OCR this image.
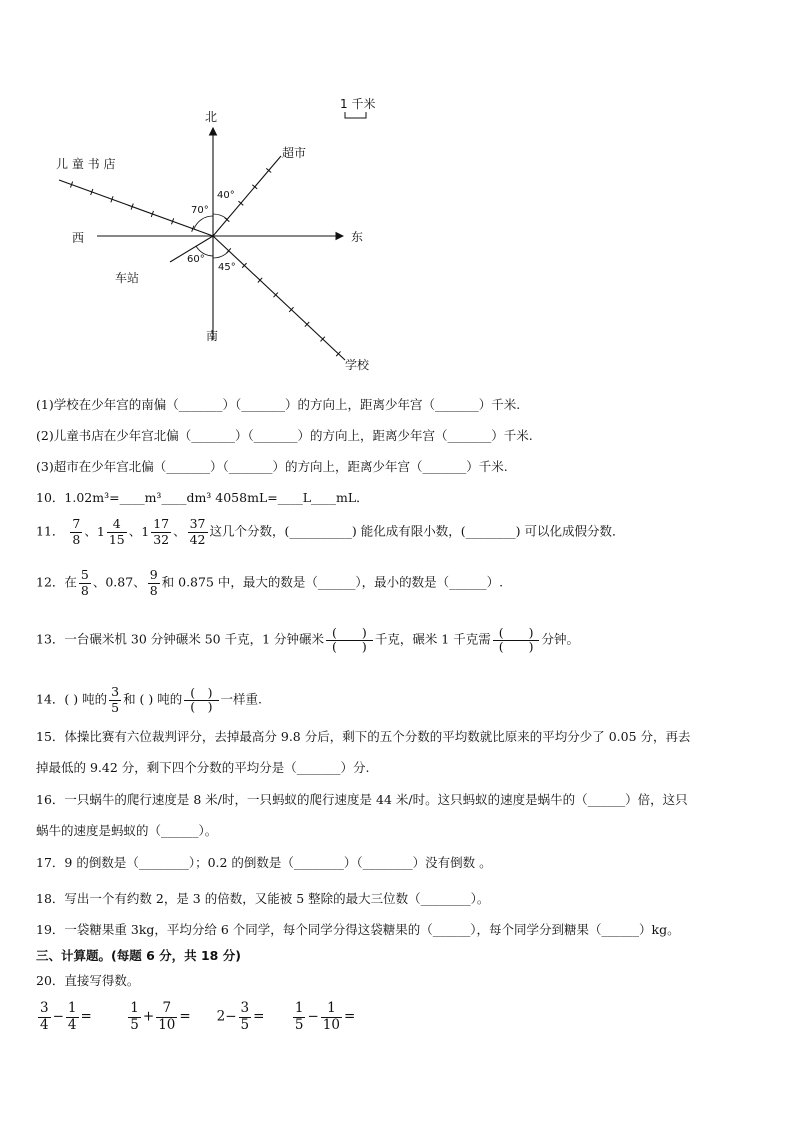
北
南
东
西
1 千米
儿 童 书 店
超市
车站
学校
70°
40°
60°
45°
(1)学校在少年宫的南偏（_______）（_______）的方向上，距离少年宫（_______）千米.
(2)儿童书店在少年宫北偏（_______）（_______）的方向上，距离少年宫（_______）千米.
(3)超市在少年宫北偏（_______）（_______）的方向上，距离少年宫（_______）千米.
10．1.02m³=____m³____dm³ 4058mL=____L____mL．
11． $\frac{7}{8}$ 、 $1 \frac{4}{15}$ 、 $1 \frac{17}{32}$ 、 $\frac{37}{42}$ 这几个分数，(__________) 能化成有限小数，(________) 可以化成假分数．
12．在 $\frac{5}{8}$ 、0.87、 $\frac{9}{8}$ 和 0.875 中，最大的数是（______），最小的数是（______）.
13．一台碾米机 30 分钟碾米 50 千克，1 分钟碾米 $\frac{( )}{( )}$ 千克，碾米 1 千克需 $\frac{( )}{( )}$ 分钟。
14．( ) 吨的 $\frac{3}{5}$ 和 ( ) 吨的 $\frac{( )}{( )}$ 一样重.
15．体操比赛有六位裁判评分，去掉最高分 9.8 分后，剩下的五个分数的平均数就比原来的平均分少了 0.05 分，再去
掉最低的 9.42 分，剩下四个分数的平均分是（_______）分.
16．一只蜗牛的爬行速度是 8 米/时，一只蚂蚁的爬行速度是 44 米/时。这只蚂蚁的速度是蜗牛的（______）倍，这只
蜗牛的速度是蚂蚁的（______）。
17．9 的倒数是（________）；0.2 的倒数是（________）（________）没有倒数 。
18．写出一个有约数 2，是 3 的倍数，又能被 5 整除的最大三位数（________）。
19．一袋糖果重 3kg，平均分给 6 个同学，每个同学分得这袋糖果的（______），每个同学分到糖果（______）kg。
三、计算题。(每题 6 分，共 18 分)
20．直接写得数。
$\frac{3}{4} - \frac{1}{4}$ =	$\frac{1}{5} + \frac{7}{10} = 2- \frac{3}{5} = \frac{1}{5} - \frac{1}{10}$ =
